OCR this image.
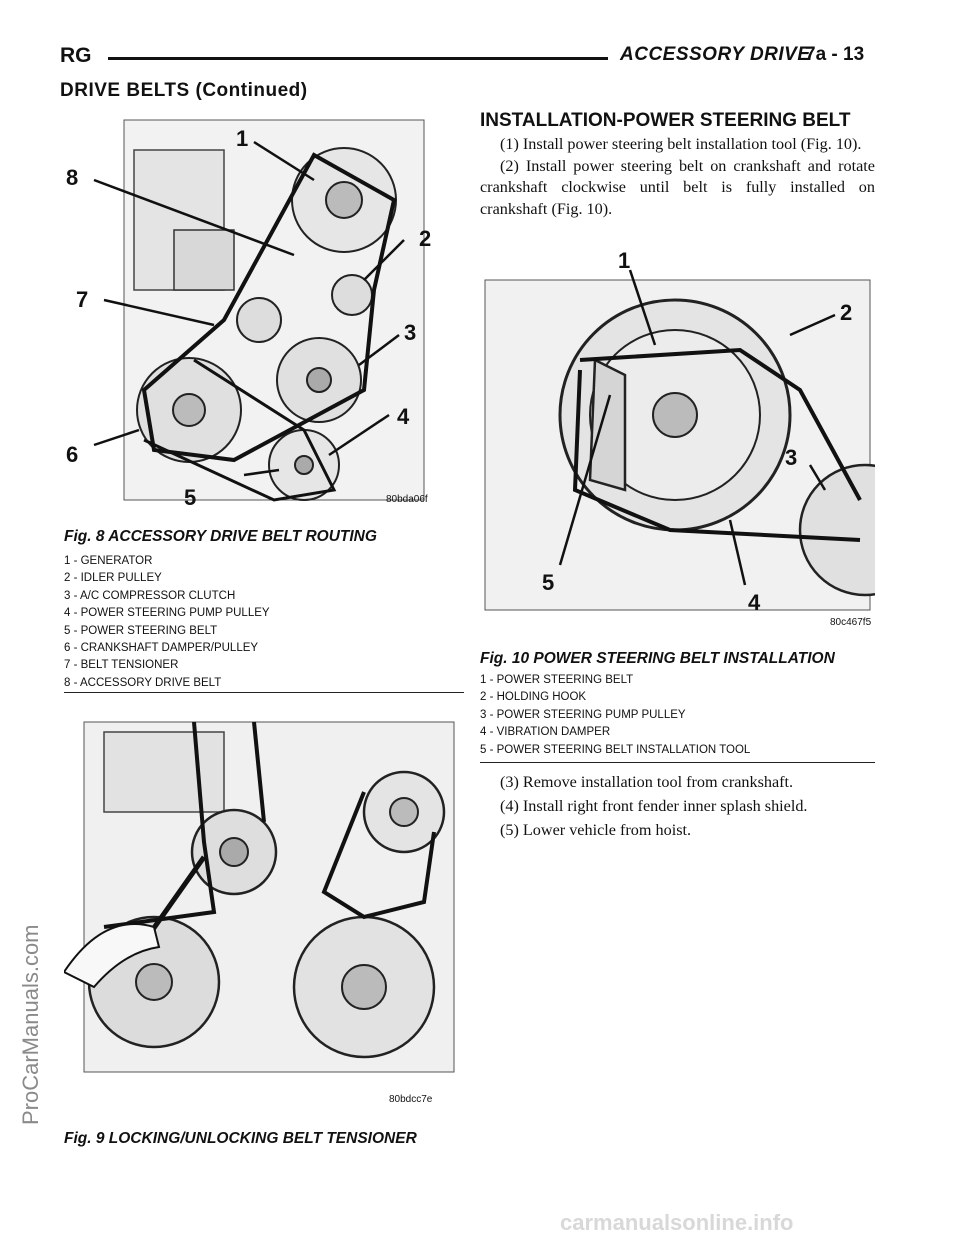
RG	ACCESSORY DRIVE
7a - 13
DRIVE BELTS (Continued)
1
2
3
4
5
6
7
8
80bda06f
Fig. 8 ACCESSORY DRIVE BELT ROUTING
1 - GENERATOR
2 - IDLER PULLEY
3 - A/C COMPRESSOR CLUTCH
4 - POWER STEERING PUMP PULLEY
5 - POWER STEERING BELT
6 - CRANKSHAFT DAMPER/PULLEY
7 - BELT TENSIONER
8 - ACCESSORY DRIVE BELT
80bdcc7e
Fig. 9 LOCKING/UNLOCKING BELT TENSIONER
INSTALLATION-POWER STEERING BELT

(1) Install power steering belt installation tool (Fig. 10).

(2) Install power steering belt on crankshaft and rotate crankshaft clockwise until belt is fully installed on crankshaft (Fig. 10).

1
2
3
4
5
80c467f5
Fig. 10 POWER STEERING BELT INSTALLATION
1 - POWER STEERING BELT
2 - HOLDING HOOK
3 - POWER STEERING PUMP PULLEY
4 - VIBRATION DAMPER
5 - POWER STEERING BELT INSTALLATION TOOL

(3) Remove installation tool from crankshaft.

(4) Install right front fender inner splash shield.

(5) Lower vehicle from hoist.

ProCarManuals.com
carmanualsonline.info
